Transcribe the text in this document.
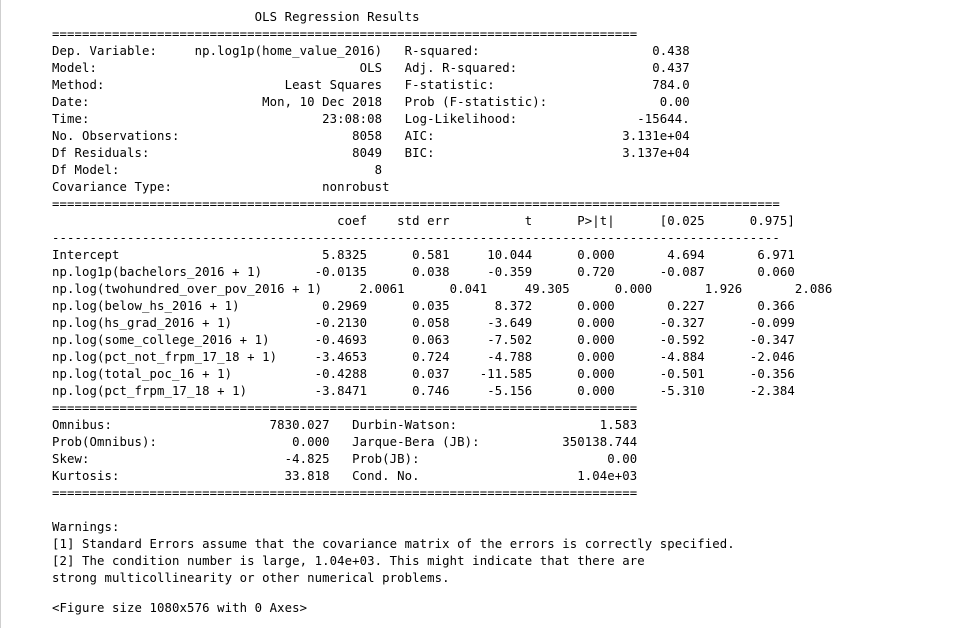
OLS Regression Results
==============================================================================
Dep. Variable:     np.log1p(home_value_2016)   R-squared:                       0.438
Model:                                   OLS   Adj. R-squared:                  0.437
Method:                        Least Squares   F-statistic:                     784.0
Date:                       Mon, 10 Dec 2018   Prob (F-statistic):               0.00
Time:                               23:08:08   Log-Likelihood:                -15644.
No. Observations:                       8058   AIC:                         3.131e+04
Df Residuals:                           8049   BIC:                         3.137e+04
Df Model:                                  8
Covariance Type:                    nonrobust
=================================================================================================
coef    std err          t      P>|t|      [0.025      0.975]
-------------------------------------------------------------------------------------------------
Intercept                           5.8325      0.581     10.044      0.000       4.694       6.971
np.log1p(bachelors_2016 + 1)       -0.0135      0.038     -0.359      0.720      -0.087       0.060
np.log(twohundred_over_pov_2016 + 1)     2.0061      0.041     49.305      0.000       1.926       2.086
np.log(below_hs_2016 + 1)           0.2969      0.035      8.372      0.000       0.227       0.366
np.log(hs_grad_2016 + 1)           -0.2130      0.058     -3.649      0.000      -0.327      -0.099
np.log(some_college_2016 + 1)      -0.4693      0.063     -7.502      0.000      -0.592      -0.347
np.log(pct_not_frpm_17_18 + 1)     -3.4653      0.724     -4.788      0.000      -4.884      -2.046
np.log(total_poc_16 + 1)           -0.4288      0.037    -11.585      0.000      -0.501      -0.356
np.log(pct_frpm_17_18 + 1)         -3.8471      0.746     -5.156      0.000      -5.310      -2.384
==============================================================================
Omnibus:                     7830.027   Durbin-Watson:                   1.583
Prob(Omnibus):                  0.000   Jarque-Bera (JB):           350138.744
Skew:                          -4.825   Prob(JB):                         0.00
Kurtosis:                      33.818   Cond. No.                     1.04e+03
==============================================================================

Warnings:
[1] Standard Errors assume that the covariance matrix of the errors is correctly specified.
[2] The condition number is large, 1.04e+03. This might indicate that there are
strong multicollinearity or other numerical problems.
<Figure size 1080x576 with 0 Axes>
